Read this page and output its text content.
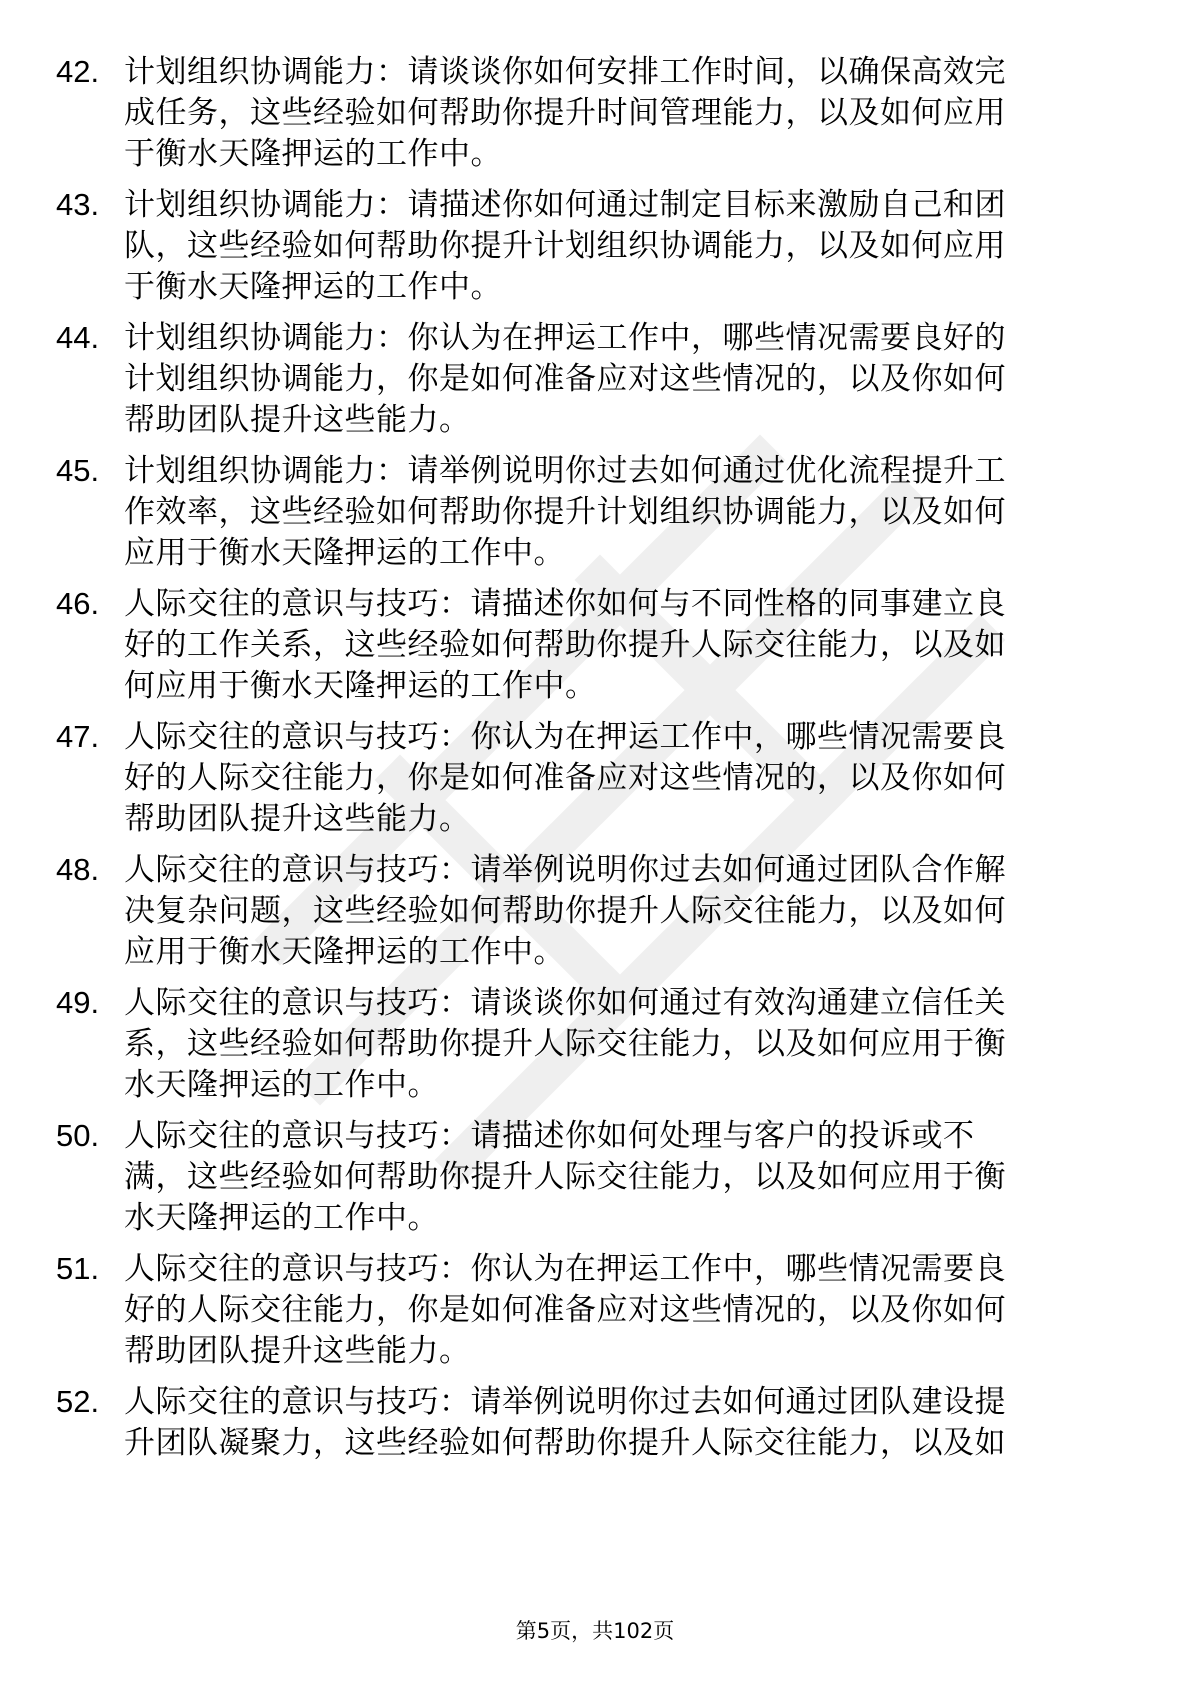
42. 计划组织协调能力：请谈谈你如何安排工作时间，以确保高效完
成任务，这些经验如何帮助你提升时间管理能力，以及如何应用
于衡水天隆押运的工作中。
43. 计划组织协调能力：请描述你如何通过制定目标来激励自己和团
队，这些经验如何帮助你提升计划组织协调能力，以及如何应用
于衡水天隆押运的工作中。
44. 计划组织协调能力：你认为在押运工作中，哪些情况需要良好的
计划组织协调能力，你是如何准备应对这些情况的，以及你如何
帮助团队提升这些能力。
45. 计划组织协调能力：请举例说明你过去如何通过优化流程提升工
作效率，这些经验如何帮助你提升计划组织协调能力，以及如何
应用于衡水天隆押运的工作中。
46. 人际交往的意识与技巧：请描述你如何与不同性格的同事建立良
好的工作关系，这些经验如何帮助你提升人际交往能力，以及如
何应用于衡水天隆押运的工作中。
47. 人际交往的意识与技巧：你认为在押运工作中，哪些情况需要良
好的人际交往能力，你是如何准备应对这些情况的，以及你如何
帮助团队提升这些能力。
48. 人际交往的意识与技巧：请举例说明你过去如何通过团队合作解
决复杂问题，这些经验如何帮助你提升人际交往能力，以及如何
应用于衡水天隆押运的工作中。
49. 人际交往的意识与技巧：请谈谈你如何通过有效沟通建立信任关
系，这些经验如何帮助你提升人际交往能力，以及如何应用于衡
水天隆押运的工作中。
50. 人际交往的意识与技巧：请描述你如何处理与客户的投诉或不
满，这些经验如何帮助你提升人际交往能力，以及如何应用于衡
水天隆押运的工作中。
51. 人际交往的意识与技巧：你认为在押运工作中，哪些情况需要良
好的人际交往能力，你是如何准备应对这些情况的，以及你如何
帮助团队提升这些能力。
52. 人际交往的意识与技巧：请举例说明你过去如何通过团队建设提
升团队凝聚力，这些经验如何帮助你提升人际交往能力，以及如
第5页，共102页
